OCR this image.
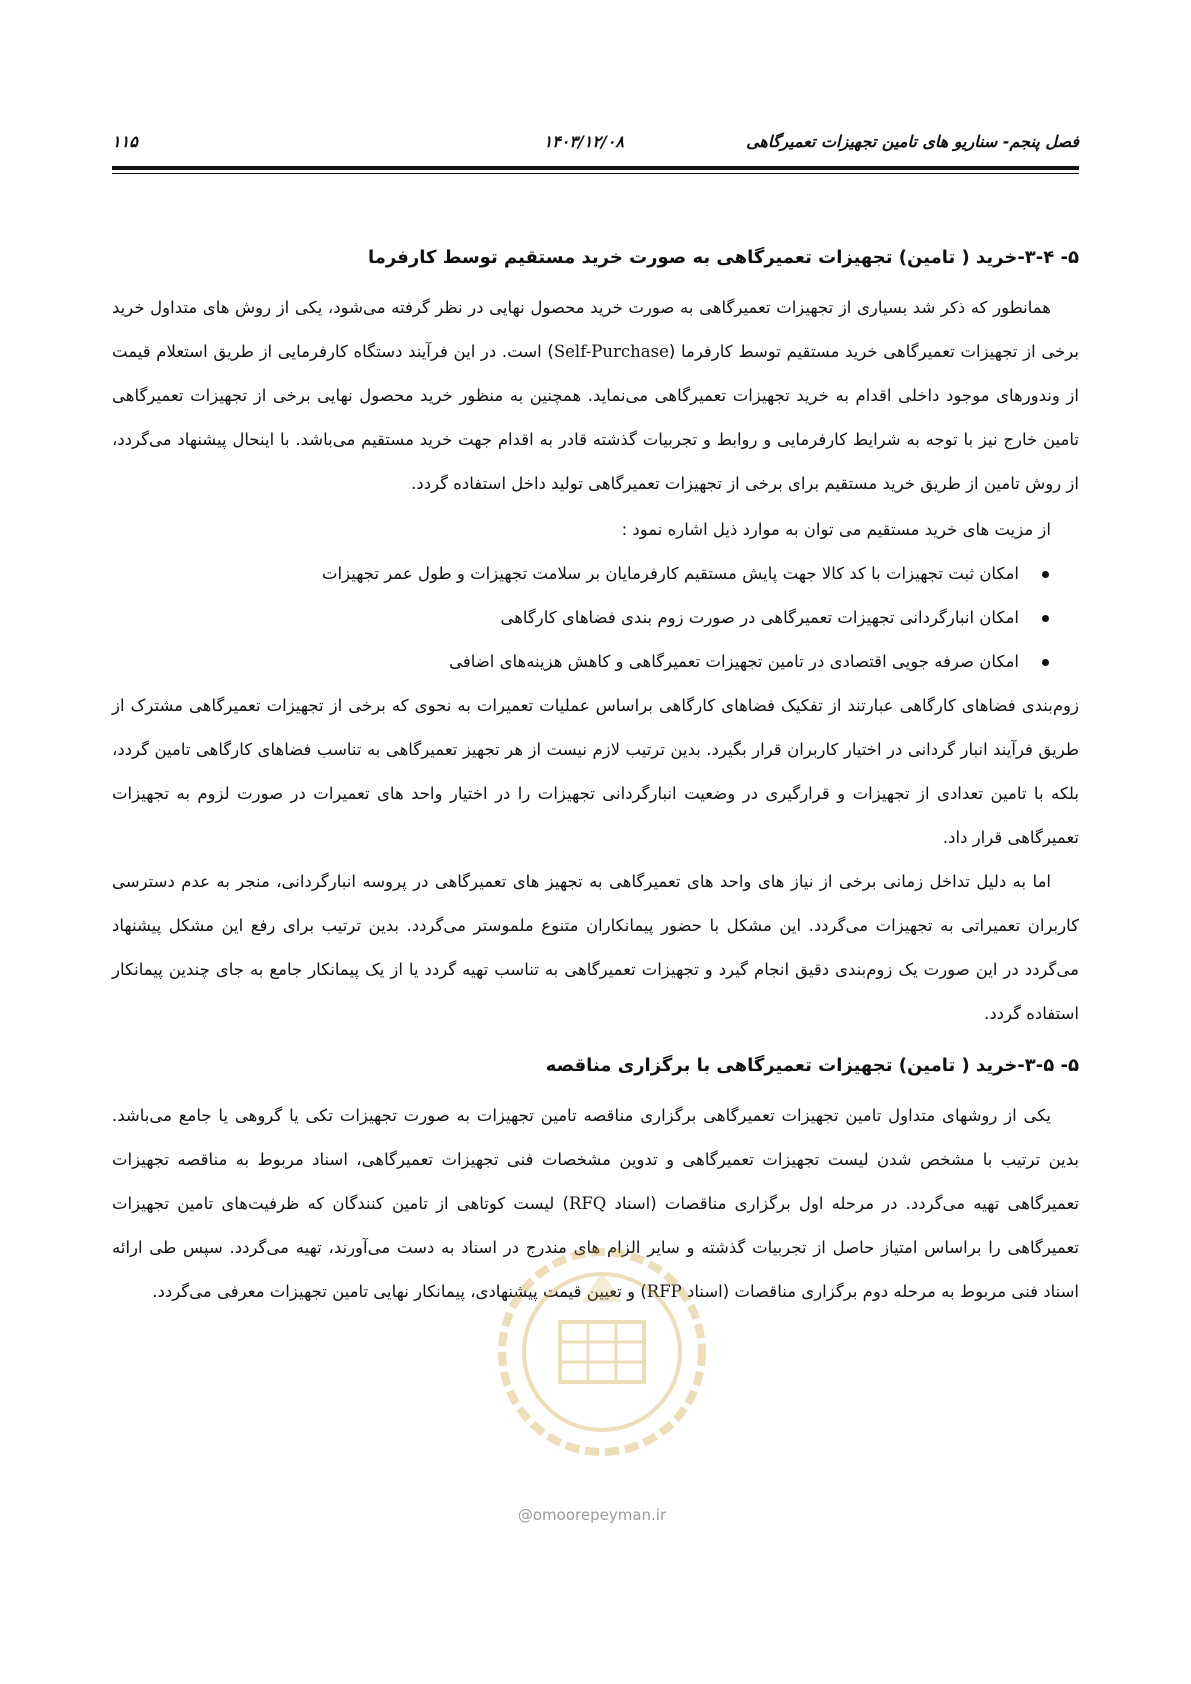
فصل پنجم- سناریو های تامین تجهیزات تعمیرگاهی
۱۴۰۳/۱۲/۰۸
۱۱۵
۵- ۳-۴-خرید ( تامین) تجهیزات تعمیرگاهی به صورت خرید مستقیم توسط کارفرما

همانطور که ذکر شد بسیاری از تجهیزات تعمیرگاهی به صورت خرید محصول نهایی در نظر گرفته می‌شود، یکی از روش های متداول خرید برخی از تجهیزات تعمیرگاهی خرید مستقیم توسط کارفرما (Self-Purchase) است. در این فرآیند دستگاه کارفرمایی از طریق استعلام قیمت از وندورهای موجود داخلی اقدام به خرید تجهیزات تعمیرگاهی می‌نماید. همچنین به منظور خرید محصول نهایی برخی از تجهیزات تعمیرگاهی تامین خارج نیز با توجه به شرایط کارفرمایی و روابط و تجربیات گذشته قادر به اقدام جهت خرید مستقیم می‌باشد. با اینحال پیشنهاد می‌گردد، از روش تامین از طریق خرید مستقیم برای برخی از تجهیزات تعمیرگاهی تولید داخل استفاده گردد.

از مزیت های خرید مستقیم می توان به موارد ذیل اشاره نمود :

امکان ثبت تجهیزات با کد کالا جهت پایش مستقیم کارفرمایان بر سلامت تجهیزات و طول عمر تجهیزات
امکان انبارگردانی تجهیزات تعمیرگاهی در صورت زوم بندی فضاهای کارگاهی
امکان صرفه جویی اقتصادی در تامین تجهیزات تعمیرگاهی و کاهش هزینه‌های اضافی

زوم‌بندی فضاهای کارگاهی عبارتند از تفکیک فضاهای کارگاهی براساس عملیات تعمیرات به نحوی که برخی از تجهیزات تعمیرگاهی مشترک از طریق فرآیند انبار گردانی در اختیار کاربران قرار بگیرد. بدین ترتیب لازم نیست از هر تجهیز تعمیرگاهی به تناسب فضاهای کارگاهی تامین گردد، بلکه با تامین تعدادی از تجهیزات و قرارگیری در وضعیت انبارگردانی تجهیزات را در اختیار واحد های تعمیرات در صورت لزوم به تجهیزات تعمیرگاهی قرار داد.

اما به دلیل تداخل زمانی برخی از نیاز های واحد های تعمیرگاهی به تجهیز های تعمیرگاهی در پروسه انبارگردانی، منجر به عدم دسترسی کاربران تعمیراتی به تجهیزات می‌گردد. این مشکل با حضور پیمانکاران متنوع ملموستر می‌گردد. بدین ترتیب برای رفع این مشکل پیشنهاد می‌گردد در این صورت یک زوم‌بندی دقیق انجام گیرد و تجهیزات تعمیرگاهی به تناسب تهیه گردد یا از یک پیمانکار جامع به جای چندین پیمانکار استفاده گردد.

۵- ۳-۵-خرید ( تامین) تجهیزات تعمیرگاهی با برگزاری مناقصه

یکی از روشهای متداول تامین تجهیزات تعمیرگاهی برگزاری مناقصه تامین تجهیزات به صورت تجهیزات تکی یا گروهی یا جامع می‌باشد. بدین ترتیب با مشخص شدن لیست تجهیزات تعمیرگاهی و تدوین مشخصات فنی تجهیزات تعمیرگاهی، اسناد مربوط به مناقصه تجهیزات تعمیرگاهی تهیه می‌گردد. در مرحله اول برگزاری مناقصات (اسناد RFQ) لیست کوتاهی از تامین کنندگان که ظرفیت‌های تامین تجهیزات تعمیرگاهی را براساس امتیاز حاصل از تجربیات گذشته و سایر الزام های مندرج در اسناد به دست می‌آورند، تهیه می‌گردد. سپس طی ارائه اسناد فنی مربوط به مرحله دوم برگزاری مناقصات (اسناد RFP) و تعیین قیمت پیشنهادی، پیمانکار نهایی تامین تجهیزات معرفی می‌گردد.

@omoorepeyman.ir
